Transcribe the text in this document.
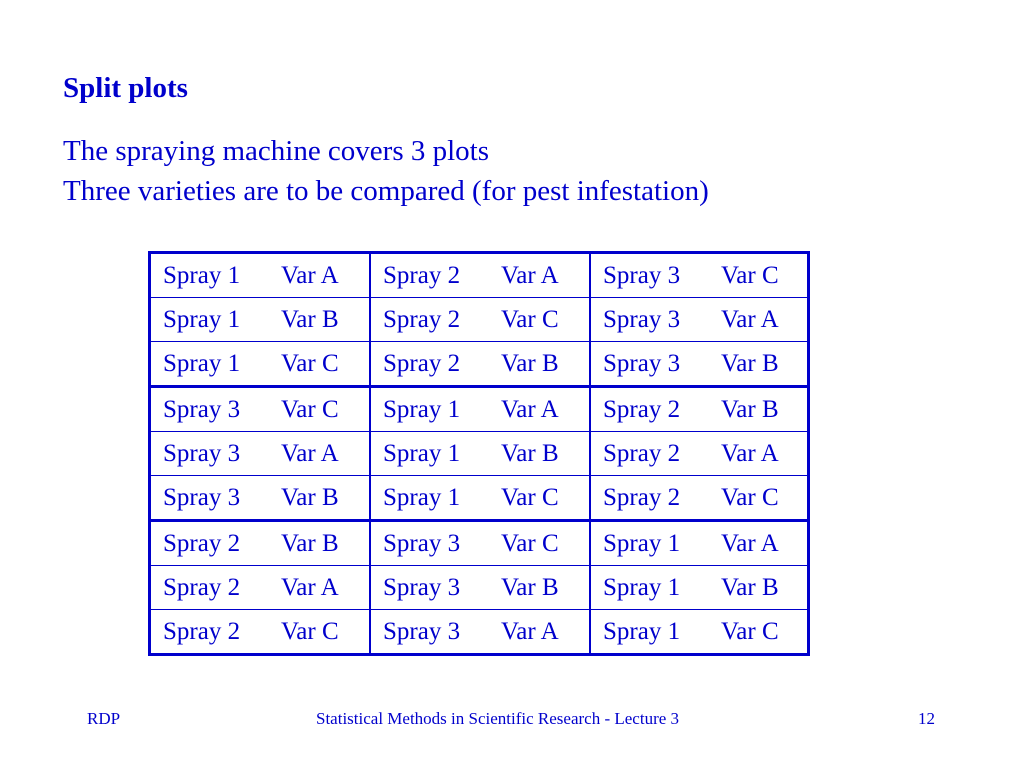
Split plots
The spraying machine covers 3 plots
Three varieties are to be compared (for pest infestation)
Spray 1	Var A	Spray 2	Var A	Spray 3	Var C
Spray 1	Var B	Spray 2	Var C	Spray 3	Var A
Spray 1	Var C	Spray 2	Var B	Spray 3	Var B
Spray 3	Var C	Spray 1	Var A	Spray 2	Var B
Spray 3	Var A	Spray 1	Var B	Spray 2	Var A
Spray 3	Var B	Spray 1	Var C	Spray 2	Var C
Spray 2	Var B	Spray 3	Var C	Spray 1	Var A
Spray 2	Var A	Spray 3	Var B	Spray 1	Var B
Spray 2	Var C	Spray 3	Var A	Spray 1	Var C
RDP	Statistical Methods in Scientific Research - Lecture 3	12
